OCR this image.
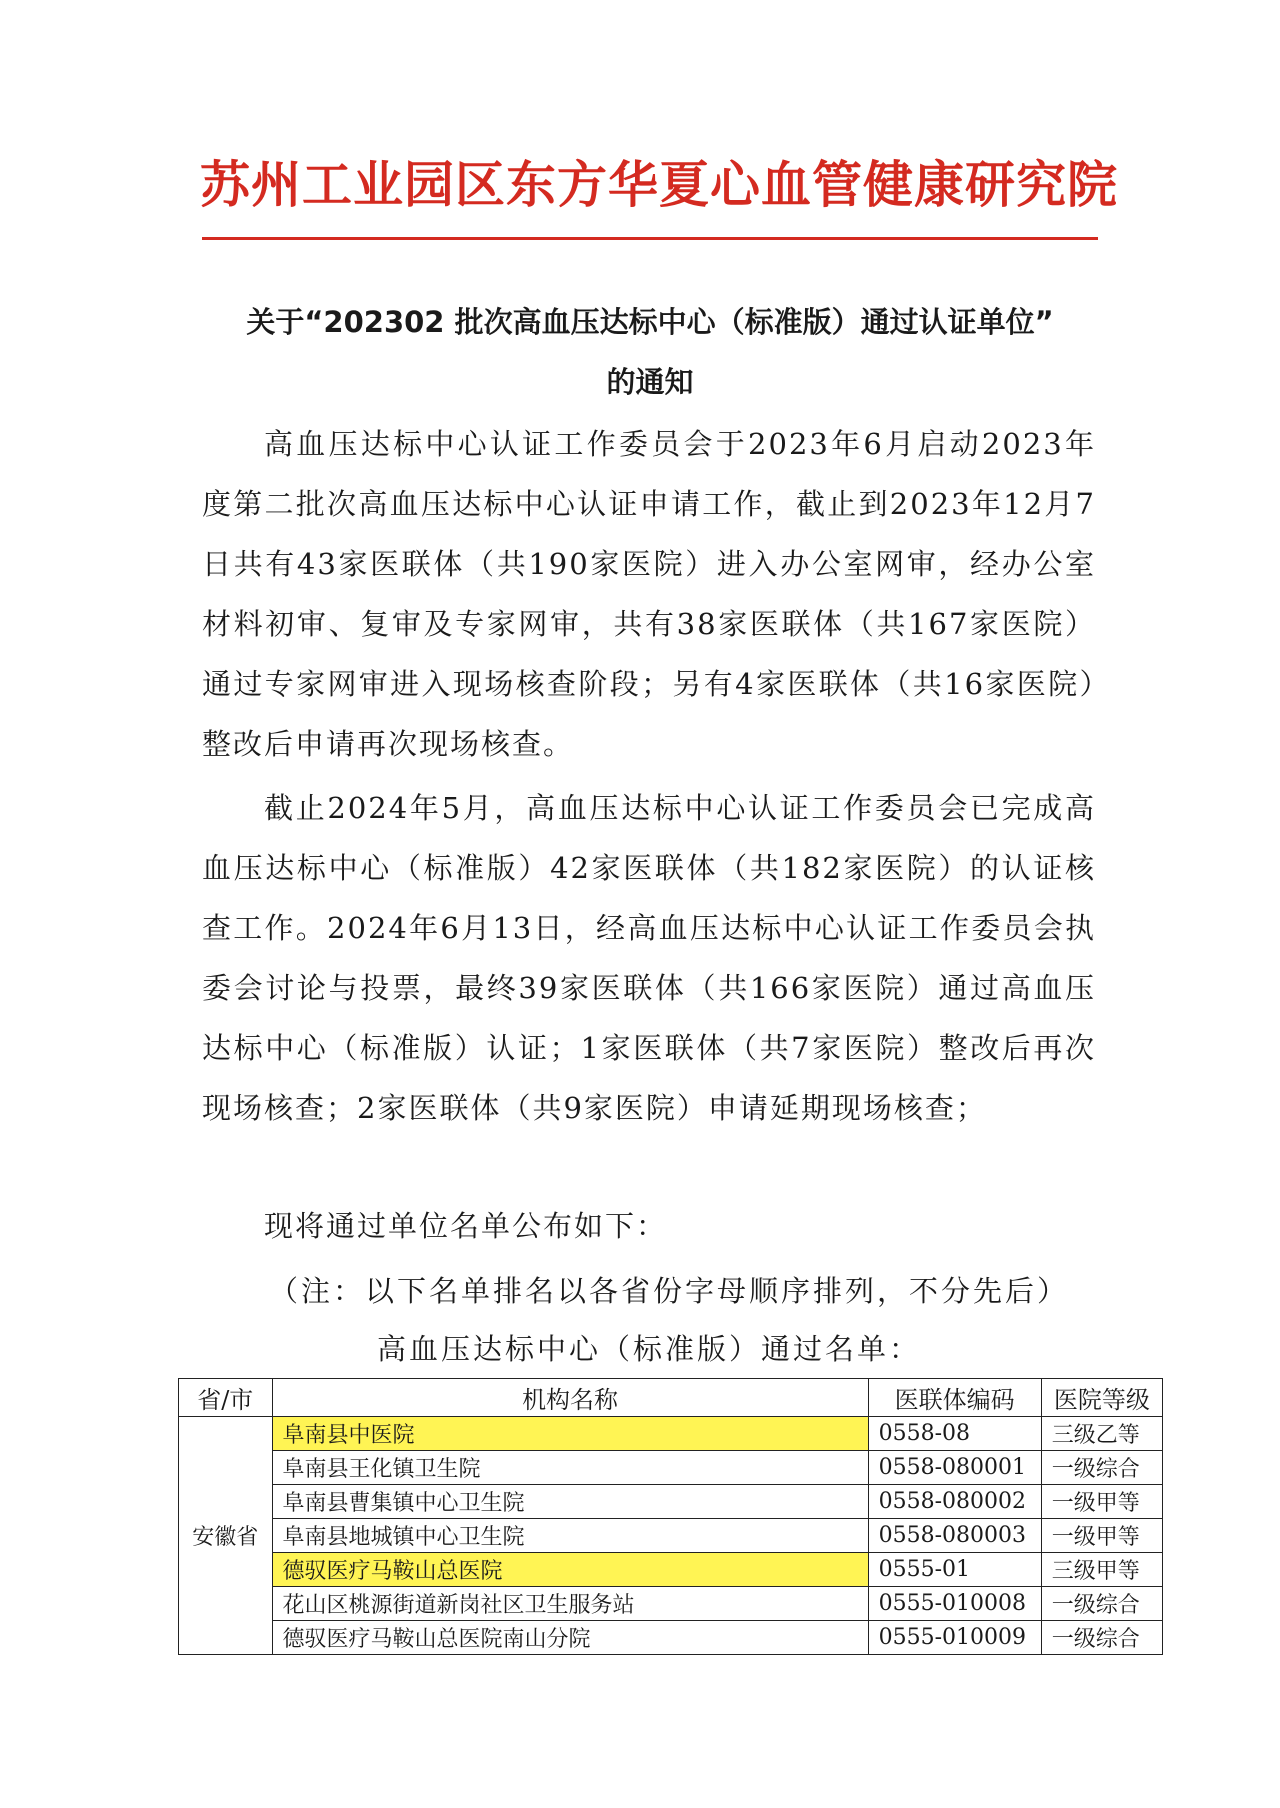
苏州工业园区东方华夏心血管健康研究院
关于“202302 批次高血压达标中心（标准版）通过认证单位”
的通知
高血压达标中心认证工作委员会于2023年6月启动2023年度第二批次高血压达标中心认证申请工作，截止到2023年12月7日共有43家医联体（共190家医院）进入办公室网审，经办公室材料初审、复审及专家网审，共有38家医联体（共167家医院）通过专家网审进入现场核查阶段；另有4家医联体（共16家医院）整改后申请再次现场核查。
截止2024年5月，高血压达标中心认证工作委员会已完成高血压达标中心（标准版）42家医联体（共182家医院）的认证核查工作。2024年6月13日，经高血压达标中心认证工作委员会执委会讨论与投票，最终39家医联体（共166家医院）通过高血压达标中心（标准版）认证；1家医联体（共7家医院）整改后再次现场核查；2家医联体（共9家医院）申请延期现场核查；
现将通过单位名单公布如下：
（注：以下名单排名以各省份字母顺序排列，不分先后）
高血压达标中心（标准版）通过名单：
省/市	机构名称	医联体编码	医院等级
安徽省	阜南县中医院	0558-08	三级乙等
	阜南县王化镇卫生院	0558-080001	一级综合
	阜南县曹集镇中心卫生院	0558-080002	一级甲等
	阜南县地城镇中心卫生院	0558-080003	一级甲等
	德驭医疗马鞍山总医院	0555-01	三级甲等
	花山区桃源街道新岗社区卫生服务站	0555-010008	一级综合
	德驭医疗马鞍山总医院南山分院	0555-010009	一级综合
